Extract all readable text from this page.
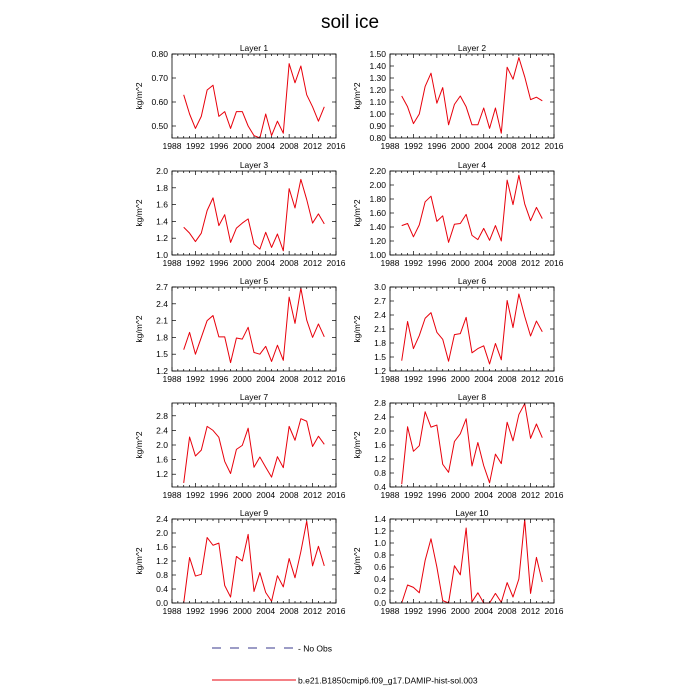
soil ice
Layer 1
kg/m^2
1988 1992 1996 2000 2004 2008 2012 2016
0.50
0.60
0.70
0.80
Layer 2
kg/m^2
1988 1992 1996 2000 2004 2008 2012 2016
0.80
0.90
1.00
1.10
1.20
1.30
1.40
1.50
Layer 3
kg/m^2
1988 1992 1996 2000 2004 2008 2012 2016
1.0
1.2
1.4
1.6
1.8
2.0
Layer 4
kg/m^2
1988 1992 1996 2000 2004 2008 2012 2016
1.00
1.20
1.40
1.60
1.80
2.00
2.20
Layer 5
kg/m^2
1988 1992 1996 2000 2004 2008 2012 2016
1.2
1.5
1.8
2.1
2.4
2.7
Layer 6
kg/m^2
1988 1992 1996 2000 2004 2008 2012 2016
1.2
1.5
1.8
2.1
2.4
2.7
3.0
Layer 7
kg/m^2
1988 1992 1996 2000 2004 2008 2012 2016
1.2
1.6
2.0
2.4
2.8
Layer 8
kg/m^2
1988 1992 1996 2000 2004 2008 2012 2016
0.4
0.8
1.2
1.6
2.0
2.4
2.8
Layer 9
kg/m^2
1988 1992 1996 2000 2004 2008 2012 2016
0.0
0.4
0.8
1.2
1.6
2.0
2.4
Layer 10
kg/m^2
1988 1992 1996 2000 2004 2008 2012 2016
0.0
0.2
0.4
0.6
0.8
1.0
1.2
1.4
- No Obs
b.e21.B1850cmip6.f09_g17.DAMIP-hist-sol.003
